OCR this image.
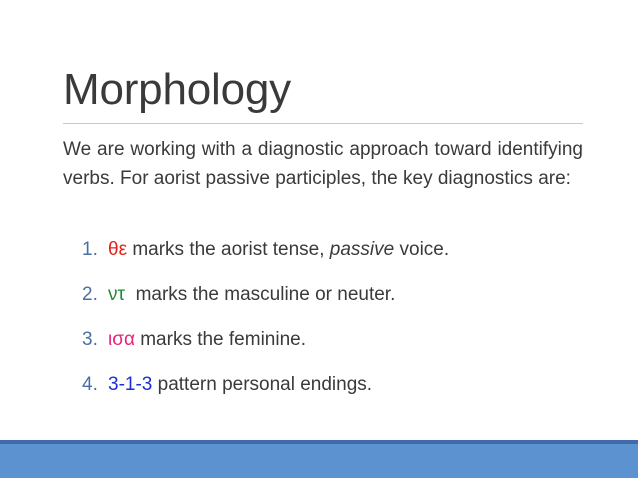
Morphology
We are working with a diagnostic approach toward identifying verbs. For aorist passive participles, the key diagnostics are:
1. θε marks the aorist tense, passive voice.
2. ντ  marks the masculine or neuter.
3. ισα marks the feminine.
4. 3-1-3 pattern personal endings.
